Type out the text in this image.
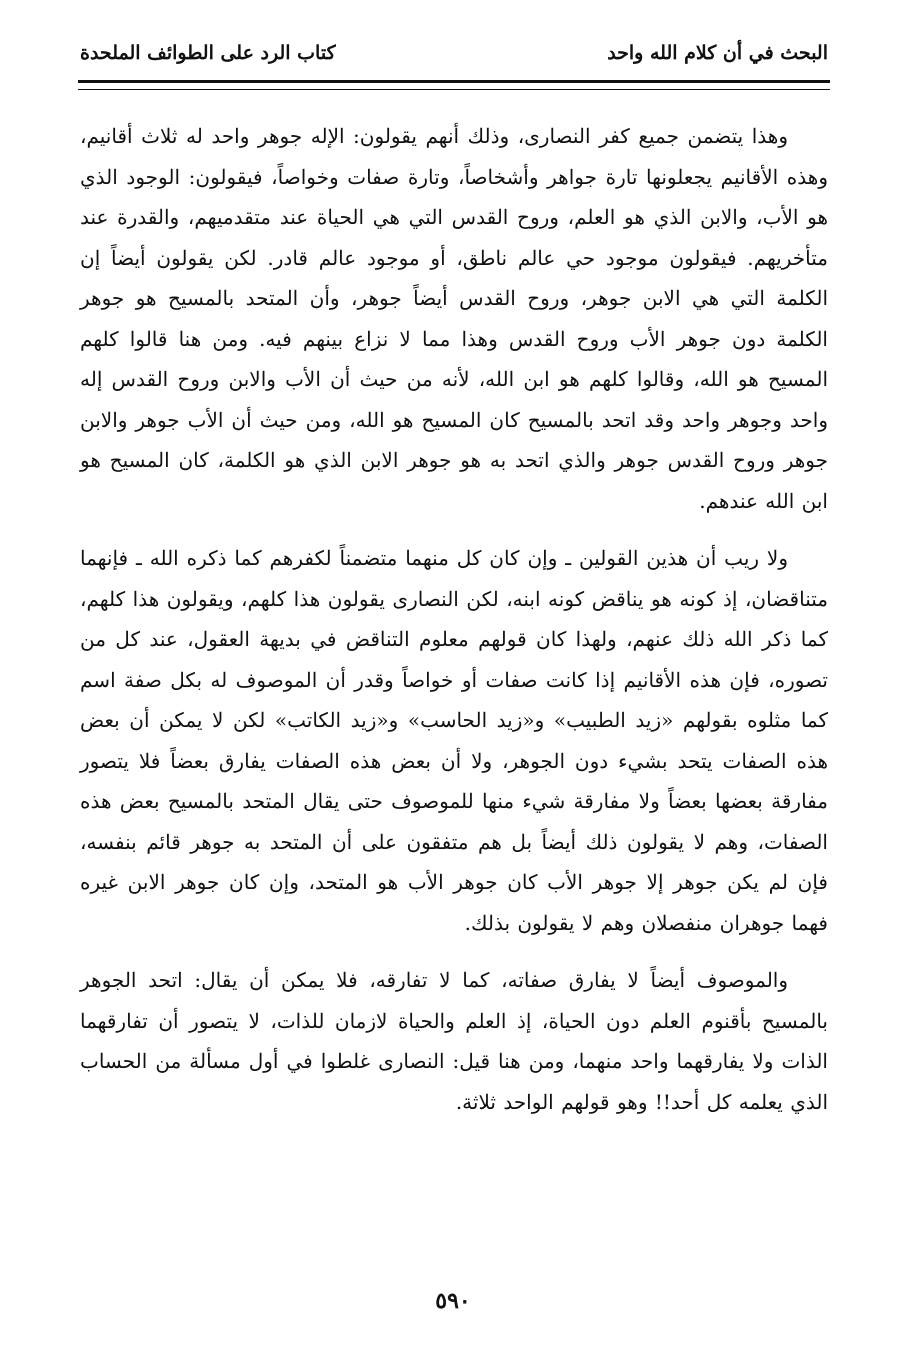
البحث في أن كلام الله واحد
كتاب الرد على الطوائف الملحدة

وهذا يتضمن جميع كفر النصارى، وذلك أنهم يقولون: الإله جوهر واحد له ثلاث أقانيم، وهذه الأقانيم يجعلونها تارة جواهر وأشخاصاً، وتارة صفات وخواصاً، فيقولون: الوجود الذي هو الأب، والابن الذي هو العلم، وروح القدس التي هي الحياة عند متقدميهم، والقدرة عند متأخريهم. فيقولون موجود حي عالم ناطق، أو موجود عالم قادر. لكن يقولون أيضاً إن الكلمة التي هي الابن جوهر، وروح القدس أيضاً جوهر، وأن المتحد بالمسيح هو جوهر الكلمة دون جوهر الأب وروح القدس وهذا مما لا نزاع بينهم فيه. ومن هنا قالوا كلهم المسيح هو الله، وقالوا كلهم هو ابن الله، لأنه من حيث أن الأب والابن وروح القدس إله واحد وجوهر واحد وقد اتحد بالمسيح كان المسيح هو الله، ومن حيث أن الأب جوهر والابن جوهر وروح القدس جوهر والذي اتحد به هو جوهر الابن الذي هو الكلمة، كان المسيح هو ابن الله عندهم.

ولا ريب أن هذين القولين ـ وإن كان كل منهما متضمناً لكفرهم كما ذكره الله ـ فإنهما متناقضان، إذ كونه هو يناقض كونه ابنه، لكن النصارى يقولون هذا كلهم، ويقولون هذا كلهم، كما ذكر الله ذلك عنهم، ولهذا كان قولهم معلوم التناقض في بديهة العقول، عند كل من تصوره، فإن هذه الأقانيم إذا كانت صفات أو خواصاً وقدر أن الموصوف له بكل صفة اسم كما مثلوه بقولهم «زيد الطبيب» و«زيد الحاسب» و«زيد الكاتب» لكن لا يمكن أن بعض هذه الصفات يتحد بشيء دون الجوهر، ولا أن بعض هذه الصفات يفارق بعضاً فلا يتصور مفارقة بعضها بعضاً ولا مفارقة شيء منها للموصوف حتى يقال المتحد بالمسيح بعض هذه الصفات، وهم لا يقولون ذلك أيضاً بل هم متفقون على أن المتحد به جوهر قائم بنفسه، فإن لم يكن جوهر إلا جوهر الأب كان جوهر الأب هو المتحد، وإن كان جوهر الابن غيره فهما جوهران منفصلان وهم لا يقولون بذلك.

والموصوف أيضاً لا يفارق صفاته، كما لا تفارقه، فلا يمكن أن يقال: اتحد الجوهر بالمسيح بأقنوم العلم دون الحياة، إذ العلم والحياة لازمان للذات، لا يتصور أن تفارقهما الذات ولا يفارقهما واحد منهما، ومن هنا قيل: النصارى غلطوا في أول مسألة من الحساب الذي يعلمه كل أحد!! وهو قولهم الواحد ثلاثة.

٥٩٠
